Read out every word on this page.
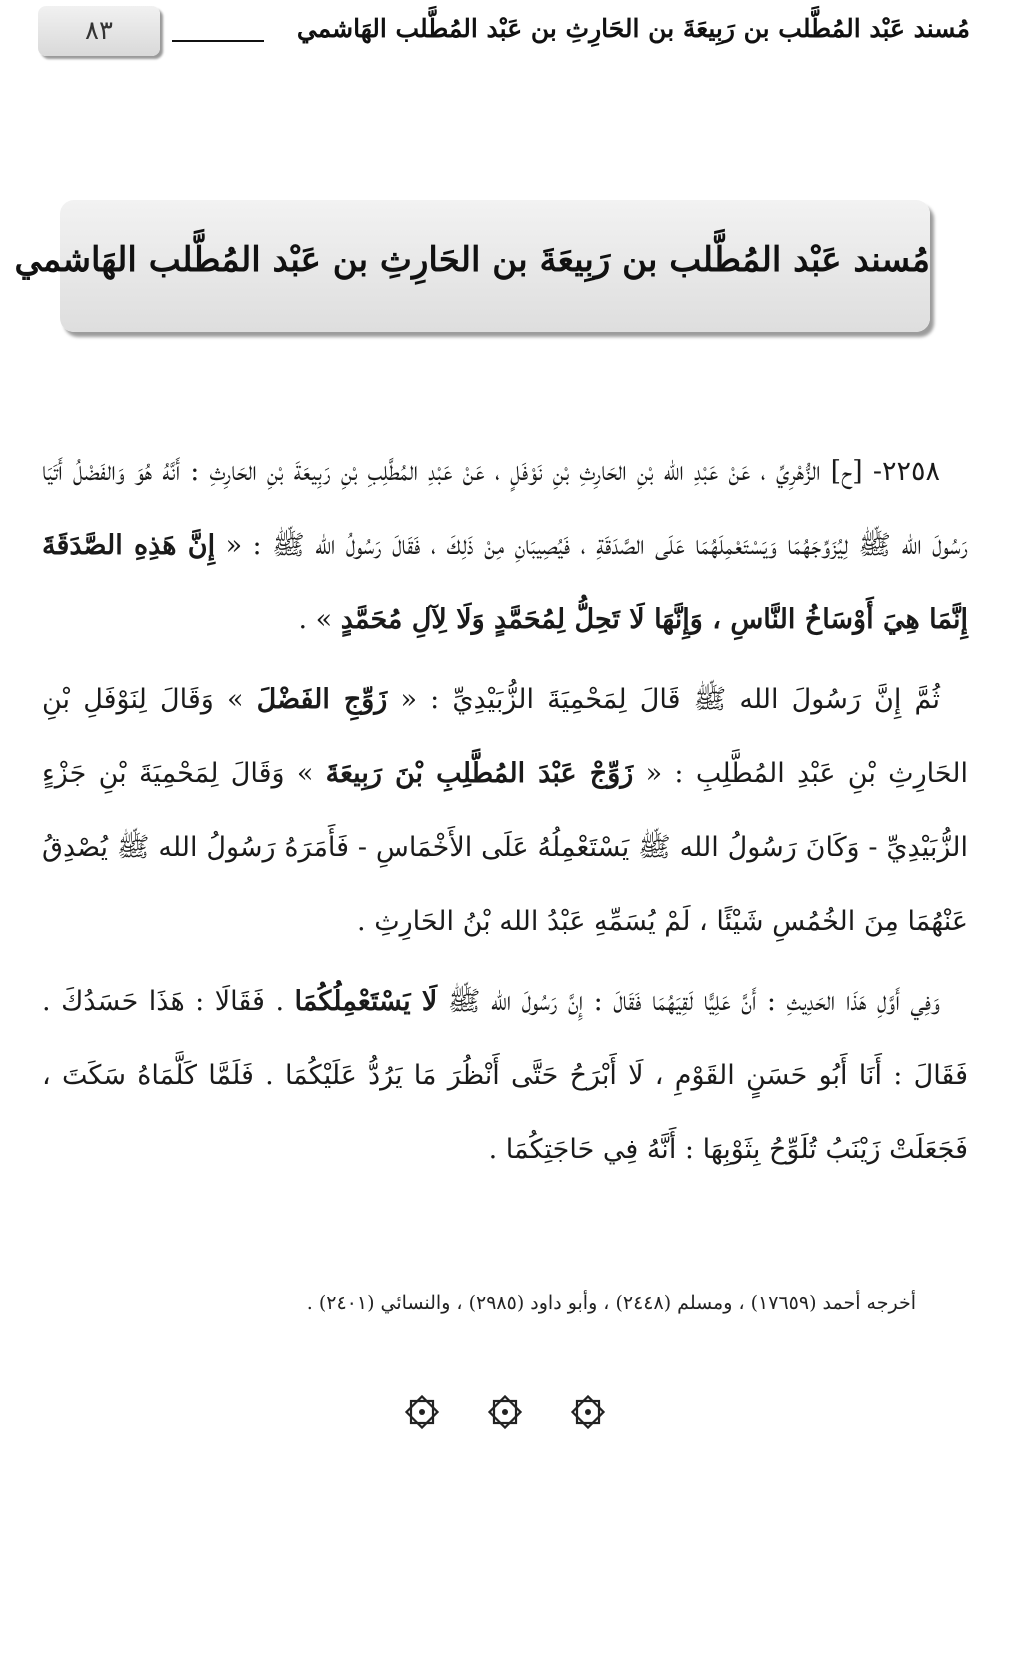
٨٣	مُسند عَبْد المُطَّلب بن رَبِيعَةَ بن الحَارِثِ بن عَبْد المُطَّلب الهَاشمي
مُسند عَبْد المُطَّلب بن رَبِيعَةَ بن الحَارِثِ بن عَبْد المُطَّلب الهَاشمي

٢٢٥٨- [ح] الزُّهْرِيِّ ، عَنْ عَبْدِ الله بْنِ الحَارِثِ بْنِ نَوْفَلٍ ، عَنْ عَبْدِ المُطَّلِبِ بْنِ رَبِيعَةَ بْنِ الحَارِثِ : أَنَّهُ هُوَ وَالفَضْلُ أَتَيَا رَسُولَ الله ﷺ لِيُزَوِّجَهُمَا وَيَسْتَعْمِلَهُمَا عَلَى الصَّدَقَةِ ، فَيُصِيبَانِ مِنْ ذَلِكَ ، فَقَالَ رَسُولُ الله ﷺ : « إِنَّ هَذِهِ الصَّدَقَةَ إِنَّمَا هِيَ أَوْسَاخُ النَّاسِ ، وَإِنَّهَا لَا تَحِلُّ لِمُحَمَّدٍ وَلَا لِآلِ مُحَمَّدٍ » .

ثُمَّ إِنَّ رَسُولَ الله ﷺ قَالَ لِمَحْمِيَةَ الزُّبَيْدِيِّ : « زَوِّجِ الفَضْلَ » وَقَالَ لِنَوْفَلِ بْنِ الحَارِثِ بْنِ عَبْدِ المُطَّلِبِ : « زَوِّجْ عَبْدَ المُطَّلِبِ بْنَ رَبِيعَةَ » وَقَالَ لِمَحْمِيَةَ بْنِ جَزْءٍ الزُّبَيْدِيِّ - وَكَانَ رَسُولُ الله ﷺ يَسْتَعْمِلُهُ عَلَى الأَخْمَاسِ - فَأَمَرَهُ رَسُولُ الله ﷺ يُصْدِقُ عَنْهُمَا مِنَ الخُمُسِ شَيْئًا ، لَمْ يُسَمِّهِ عَبْدُ الله بْنُ الحَارِثِ .

وَفِي أَوَّلِ هَذَا الحَدِيثِ : أَنَّ عَلِيًّا لَقِيَهُمَا فَقَالَ : إِنَّ رَسُولَ الله ﷺ لَا يَسْتَعْمِلُكُمَا . فَقَالَا : هَذَا حَسَدُكَ . فَقَالَ : أَنَا أَبُو حَسَنٍ القَوْمِ ، لَا أَبْرَحُ حَتَّى أَنْظُرَ مَا يَرُدُّ عَلَيْكُمَا . فَلَمَّا كَلَّمَاهُ سَكَتَ ، فَجَعَلَتْ زَيْنَبُ تُلَوِّحُ بِثَوْبِهَا : أَنَّهُ فِي حَاجَتِكُمَا .

أخرجه أحمد (١٧٦٥٩) ، ومسلم (٢٤٤٨) ، وأبو داود (٢٩٨٥) ، والنسائي (٢٤٠١) .
